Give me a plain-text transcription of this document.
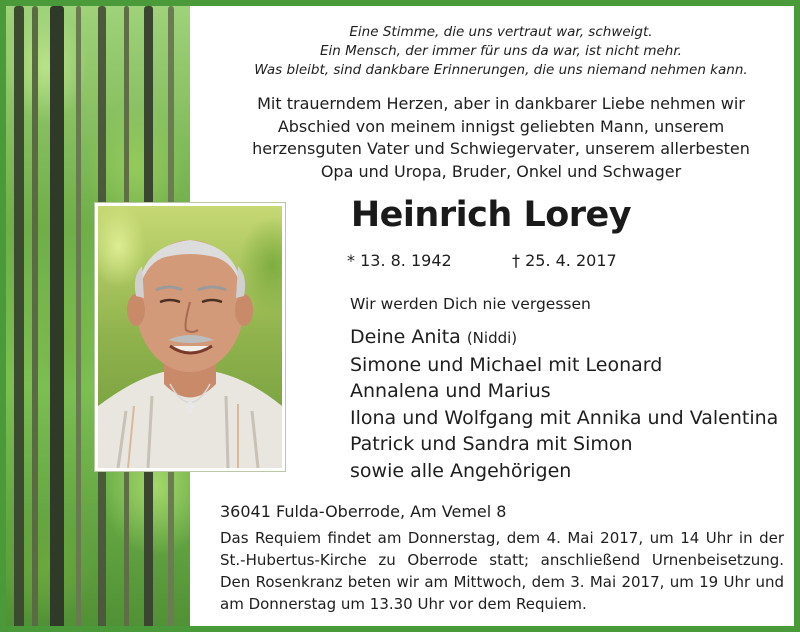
Eine Stimme, die uns vertraut war, schweigt.
Ein Mensch, der immer für uns da war, ist nicht mehr.
Was bleibt, sind dankbare Erinnerungen, die uns niemand nehmen kann.
Mit trauerndem Herzen, aber in dankbarer Liebe nehmen wir
Abschied von meinem innigst geliebten Mann, unserem
herzensguten Vater und Schwiegervater, unserem allerbesten
Opa und Uropa, Bruder, Onkel und Schwager
Heinrich Lorey

* 13. 8. 1942	† 25. 4. 2017

Wir werden Dich nie vergessen

Deine Anita (Niddi)
Simone und Michael mit Leonard
Annalena und Marius
Ilona und Wolfgang mit Annika und Valentina
Patrick und Sandra mit Simon
sowie alle Angehörigen

36041 Fulda-Oberrode, Am Vemel 8

Das Requiem findet am Donnerstag, dem 4. Mai 2017, um 14 Uhr in der
St.-Hubertus-Kirche zu Oberrode statt; anschließend Urnenbeisetzung.
Den Rosenkranz beten wir am Mittwoch, dem 3. Mai 2017, um 19 Uhr und
am Donnerstag um 13.30 Uhr vor dem Requiem.
